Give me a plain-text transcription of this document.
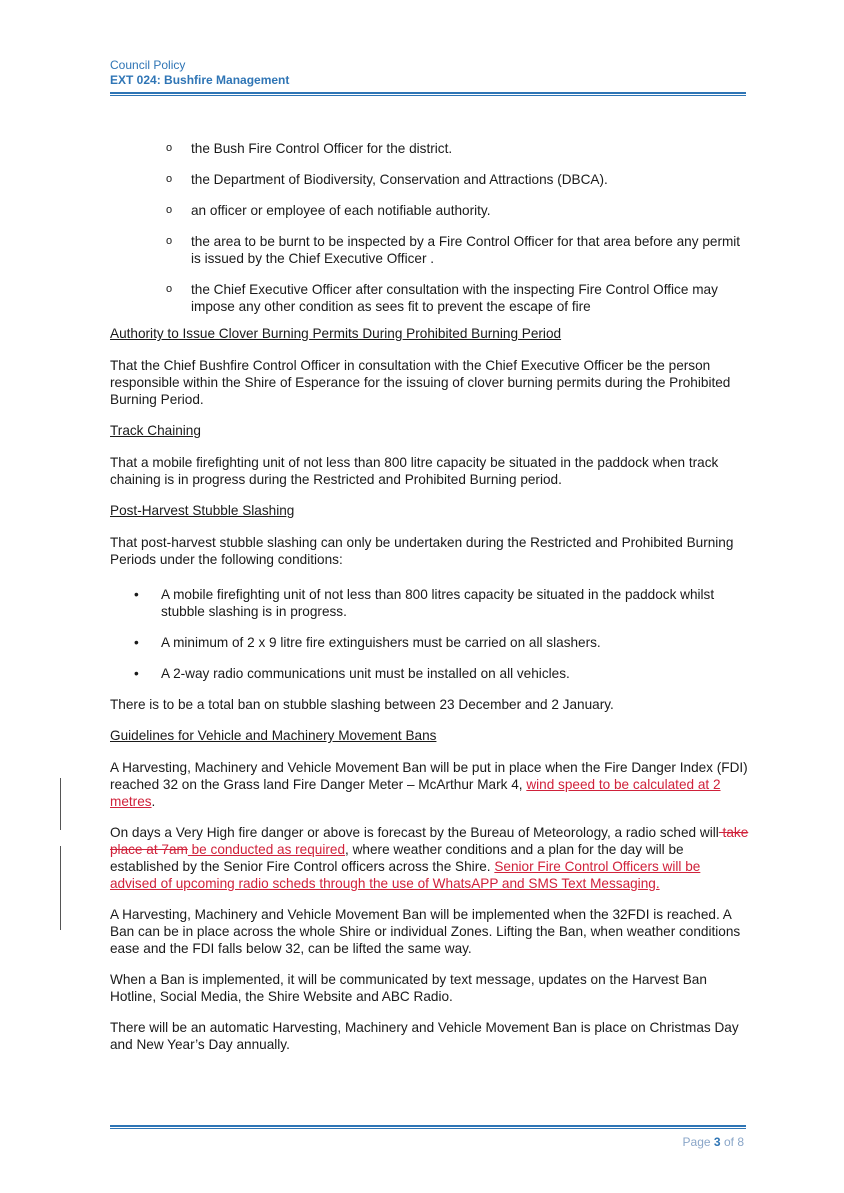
Council Policy
EXT 024: Bushfire Management
o the Bush Fire Control Officer for the district.
o the Department of Biodiversity, Conservation and Attractions (DBCA).
o an officer or employee of each notifiable authority.
o the area to be burnt to be inspected by a Fire Control Officer for that area before any permit is issued by the Chief Executive Officer .
o the Chief Executive Officer after consultation with the inspecting Fire Control Office may impose any other condition as sees fit to prevent the escape of fire

Authority to Issue Clover Burning Permits During Prohibited Burning Period

That the Chief Bushfire Control Officer in consultation with the Chief Executive Officer be the person responsible within the Shire of Esperance for the issuing of clover burning permits during the Prohibited Burning Period.

Track Chaining

That a mobile firefighting unit of not less than 800 litre capacity be situated in the paddock when track chaining is in progress during the Restricted and Prohibited Burning period.

Post-Harvest Stubble Slashing

That post-harvest stubble slashing can only be undertaken during the Restricted and Prohibited Burning Periods under the following conditions:

• A mobile firefighting unit of not less than 800 litres capacity be situated in the paddock whilst stubble slashing is in progress.
• A minimum of 2 x 9 litre fire extinguishers must be carried on all slashers.
• A 2-way radio communications unit must be installed on all vehicles.

There is to be a total ban on stubble slashing between 23 December and 2 January.

Guidelines for Vehicle and Machinery Movement Bans

A Harvesting, Machinery and Vehicle Movement Ban will be put in place when the Fire Danger Index (FDI) reached 32 on the Grass land Fire Danger Meter – McArthur Mark 4, wind speed to be calculated at 2 metres.

On days a Very High fire danger or above is forecast by the Bureau of Meteorology, a radio sched will take place at 7am be conducted as required, where weather conditions and a plan for the day will be established by the Senior Fire Control officers across the Shire. Senior Fire Control Officers will be advised of upcoming radio scheds through the use of WhatsAPP and SMS Text Messaging.

A Harvesting, Machinery and Vehicle Movement Ban will be implemented when the 32FDI is reached. A Ban can be in place across the whole Shire or individual Zones. Lifting the Ban, when weather conditions ease and the FDI falls below 32, can be lifted the same way.

When a Ban is implemented, it will be communicated by text message, updates on the Harvest Ban Hotline, Social Media, the Shire Website and ABC Radio.

There will be an automatic Harvesting, Machinery and Vehicle Movement Ban is place on Christmas Day and New Year’s Day annually.

Page 3 of 8
